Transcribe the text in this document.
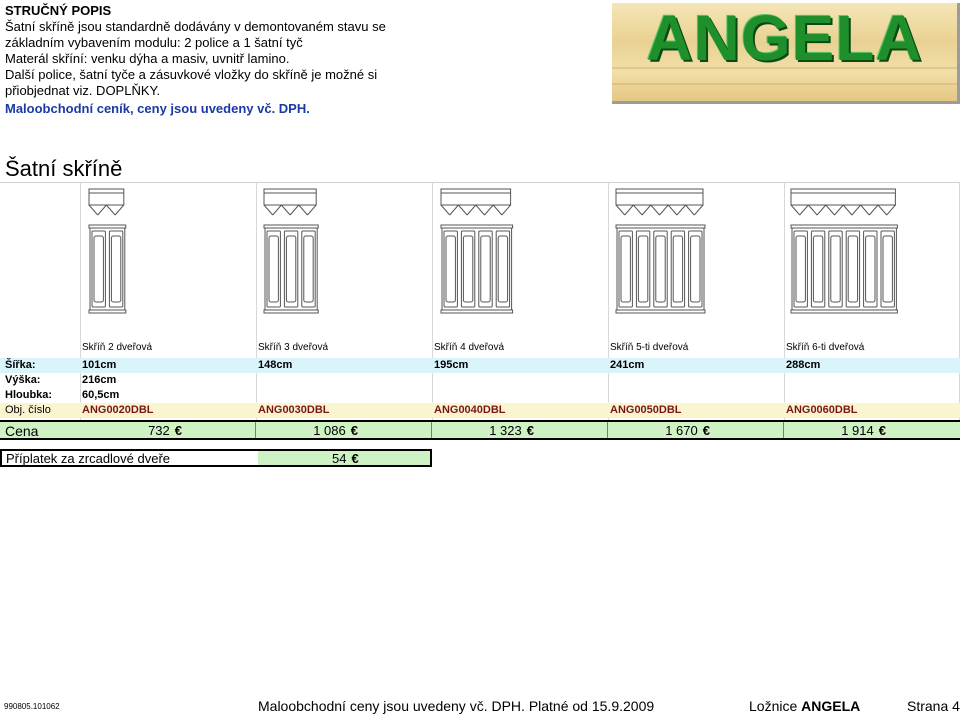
STRUČNÝ POPIS
Šatní skříně jsou standardně dodávány v demontovaném stavu se
základním vybavením modulu: 2 police a 1 šatní tyč
Materál skříní: venku dýha a masiv, uvnitř lamino.
Další police, šatní tyče a zásuvkové vložky do skříně je možné si
přiobjednat viz. DOPLŇKY.
Maloobchodní ceník, ceny jsou uvedeny vč. DPH.
ANGELA
Šatní skříně
Skříň 2 dveřová	Skříň 3 dveřová	Skříň 4 dveřová	Skříň 5-ti dveřová	Skříň 6-ti dveřová
Šířka:	101cm	148cm	195cm	241cm	288cm
Výška:	216cm
Hloubka:	60,5cm
Obj. číslo	ANG0020DBL	ANG0030DBL	ANG0040DBL	ANG0050DBL	ANG0060DBL
Cena	732 €	1 086 €	1 323 €	1 670 €	1 914 €
Příplatek za zrcadlové dveře	54 €
990805.101062	Maloobchodní ceny jsou uvedeny vč. DPH. Platné od 15.9.2009	Ložnice ANGELA	Strana 4
